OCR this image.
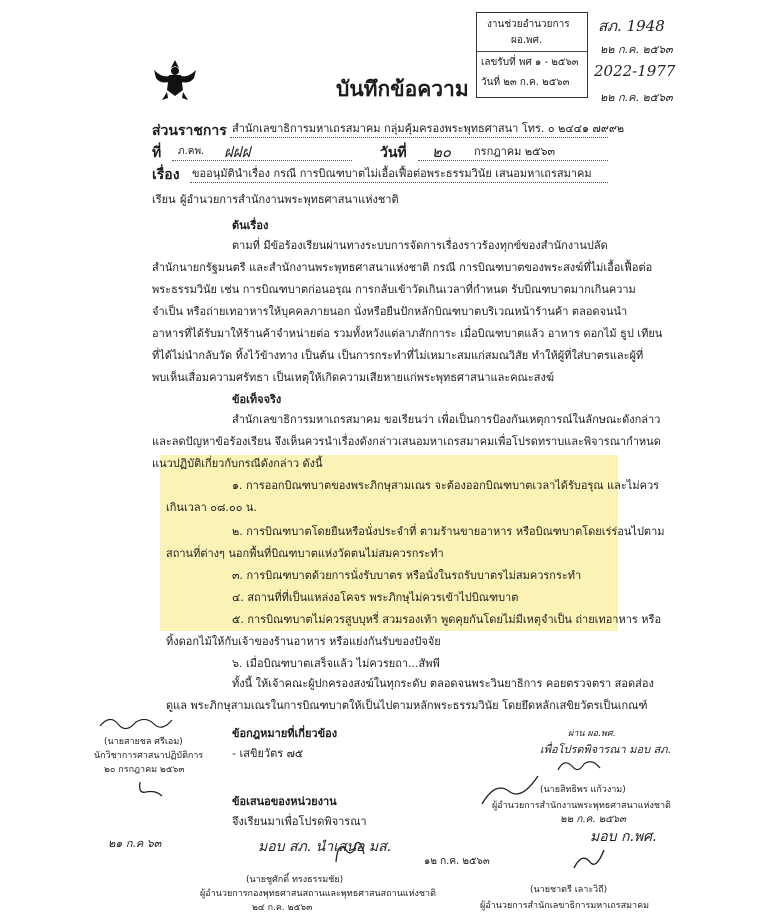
งานช่วยอำนวยการ
ผอ.พศ.
เลขรับที่ พศ ๑ - ๒๕๖๓
วันที่ ๒๓ ก.ค. ๒๕๖๓
สภ. 1948
๒๒ ก.ค. ๒๕๖๓
2022-1977
๒๒ ก.ค. ๒๕๖๓
บันทึกข้อความ
ส่วนราชการ สำนักเลขาธิการมหาเถรสมาคม กลุ่มคุ้มครองพระพุทธศาสนา โทร. ๐ ๒๔๔๑ ๗๙๙๒
ที่ ภ.คพ. ฝฝฝ	วันที่ ๒๐ กรกฎาคม ๒๕๖๓
เรื่อง ขออนุมัตินำเรื่อง กรณี การบิณฑบาตไม่เอื้อเฟื้อต่อพระธรรมวินัย เสนอมหาเถรสมาคม
เรียน ผู้อำนวยการสำนักงานพระพุทธศาสนาแห่งชาติ
ต้นเรื่อง
ตามที่ มีข้อร้องเรียนผ่านทางระบบการจัดการเรื่องราวร้องทุกข์ของสำนักงานปลัด
สำนักนายกรัฐมนตรี และสำนักงานพระพุทธศาสนาแห่งชาติ กรณี การบิณฑบาตของพระสงฆ์ที่ไม่เอื้อเฟื้อต่อ
พระธรรมวินัย เช่น การบิณฑบาตก่อนอรุณ การกลับเข้าวัดเกินเวลาที่กำหนด รับบิณฑบาตมากเกินความ
จำเป็น หรือถ่ายเทอาหารให้บุคคลภายนอก นั่งหรือยืนปักหลักบิณฑบาตบริเวณหน้าร้านค้า ตลอดจนนำ
อาหารที่ได้รับมาให้ร้านค้าจำหน่ายต่อ รวมทั้งหวังแต่ลาภสักการะ เมื่อบิณฑบาตแล้ว อาหาร ดอกไม้ ธูป เทียน
ที่ได้ไม่นำกลับวัด ทิ้งไว้ข้างทาง เป็นต้น เป็นการกระทำที่ไม่เหมาะสมแก่สมณวิสัย ทำให้ผู้ที่ใส่บาตรและผู้ที่
พบเห็นเสื่อมความศรัทธา เป็นเหตุให้เกิดความเสียหายแก่พระพุทธศาสนาและคณะสงฆ์
ข้อเท็จจริง
สำนักเลขาธิการมหาเถรสมาคม ขอเรียนว่า เพื่อเป็นการป้องกันเหตุการณ์ในลักษณะดังกล่าว
และลดปัญหาข้อร้องเรียน จึงเห็นควรนำเรื่องดังกล่าวเสนอมหาเถรสมาคมเพื่อโปรดทราบและพิจารณากำหนด
แนวปฏิบัติเกี่ยวกับกรณีดังกล่าว ดังนี้
๑. การออกบิณฑบาตของพระภิกษุสามเณร จะต้องออกบิณฑบาตเวลาได้รับอรุณ และไม่ควร
เกินเวลา ๐๘.๐๐ น.
๒. การบิณฑบาตโดยยืนหรือนั่งประจำที่ ตามร้านขายอาหาร หรือบิณฑบาตโดยเร่ร่อนไปตาม
สถานที่ต่างๆ นอกพื้นที่บิณฑบาตแห่งวัดตนไม่สมควรกระทำ
๓. การบิณฑบาตด้วยการนั่งรับบาตร หรือนั่งในรถรับบาตรไม่สมควรกระทำ
๔. สถานที่ที่เป็นแหล่งอโคจร พระภิกษุไม่ควรเข้าไปบิณฑบาต
๕. การบิณฑบาตไม่ควรสูบบุหรี่ สวมรองเท้า พูดคุยกันโดยไม่มีเหตุจำเป็น ถ่ายเทอาหาร หรือ
ทิ้งดอกไม้ให้กับเจ้าของร้านอาหาร หรือแย่งกันรับของปัจจัย
๖. เมื่อบิณฑบาตเสร็จแล้ว ไม่ควรยถา...สัพพี
ทั้งนี้ ให้เจ้าคณะผู้ปกครองสงฆ์ในทุกระดับ ตลอดจนพระวินยาธิการ คอยตรวจตรา สอดส่อง
ดูแล พระภิกษุสามเณรในการบิณฑบาตให้เป็นไปตามหลักพระธรรมวินัย โดยยึดหลักเสขิยวัตรเป็นเกณฑ์
ข้อกฎหมายที่เกี่ยวข้อง
- เสขิยวัตร ๗๕
ข้อเสนอของหน่วยงาน
จึงเรียนมาเพื่อโปรดพิจารณา
มอบ สภ. นำเสนอ มส.
(นายสายชล ศรีเอม)
นักวิชาการศาสนาปฏิบัติการ
๒๐ กรกฎาคม ๒๕๖๓
๒๑ ก.ค ๖๓
ผ่าน ผอ.พศ.
เพื่อโปรดพิจารณา มอบ สภ.
(นายสิทธิพร แก้วงาม)
ผู้อำนวยการสำนักงานพระพุทธศาสนาแห่งชาติ
๒๒ ก.ค. ๒๕๖๓
มอบ ก.พศ.
๑๒ ก.ค. ๒๕๖๓
(นายชูศักดิ์ ทรงธรรมชัย)
ผู้อำนวยการกองพุทธศาสนสถานและพุทธศาสนสถานแห่งชาติ
๒๔ ก.ค. ๒๕๖๓
(นายชาตรี เลาะวิถี)
ผู้อำนวยการสำนักเลขาธิการมหาเถรสมาคม
